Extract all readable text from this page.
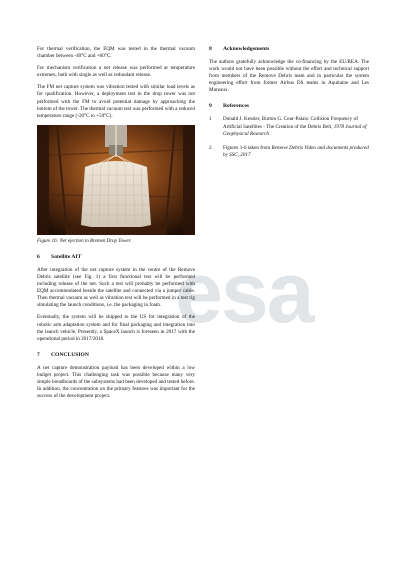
esa

For thermal verification, the EQM was tested in the thermal vacuum chamber between -40°C and +60°C.

For mechanism verification a net release was performed at temperature extremes, both with single as well as redundant release.

The FM net capture system was vibration tested with similar load levels as for qualification. However, a deployment test in the drop tower was not performed with the FM to avoid potential damage by approaching the bottom of the tower. The thermal vacuum test was performed with a reduced temperature range (-20°C to +50°C).

Figure 16: Net ejection in Bremen Drop Tower.
6 Satellite AIT

After integration of the net capture system in the centre of the Remove Debris satellite (see Fig. 1) a first functional test will be performed including release of the net. Such a test will probably be performed with EQM accommodated beside the satellite and connected via a jumper cable. Then thermal vacuum as well as vibration test will be performed in a test rig simulating the launch conditions, i.e. the packaging in foam.

Eventually, the system will be shipped to the US for integration of the robotic arm adaptation system and for final packaging and integration into the launch vehicle. Presently, a SpaceX launch is foreseen in 2017 with the operational period in 2017/2018.

7 CONCLUSION

A net capture demonstration payload has been developed within a low budget project. This challenging task was possible because many very simple breadboards of the subsystems had been developed and tested before. In addition, the concentration on the primary features was important for the success of the development project.

8 Acknowledgements

The authors gratefully acknowledge the co-financing by the EU/REA. The work would not have been possible without the effort and technical support from members of the Remove Debris team and in particular the system engineering effort from former Airbus DS teams in Aquitaine and Les Mureaux.

9 References
1	Donald J. Kessler, Burton G. Cour-Palais: Collision Frequency of Artificial Satellites - The Creation of the Debris Belt, 1978 Journal of Geophysical Research
2	Figures 1-6 taken from Remove Debris Video and documents produced by SSC, 2017
